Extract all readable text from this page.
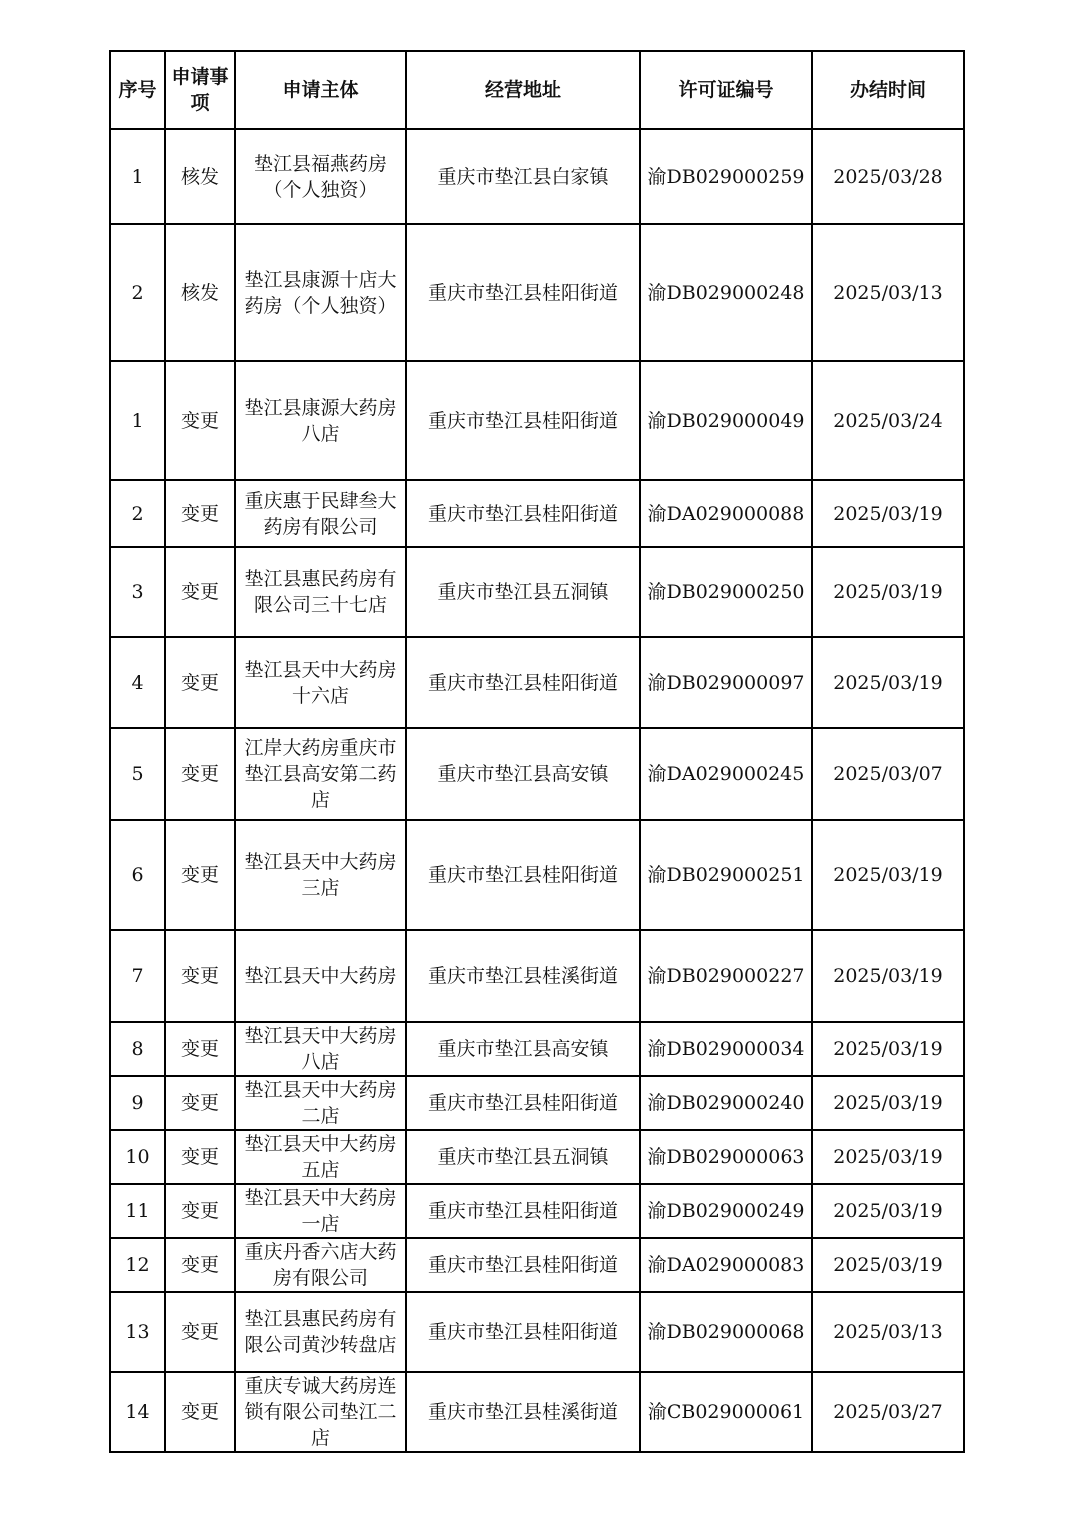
序号	申请事项	申请主体	经营地址	许可证编号	办结时间
1	核发	垫江县福燕药房（个人独资）	重庆市垫江县白家镇	渝DB029000259	2025/03/28
2	核发	垫江县康源十店大药房（个人独资）	重庆市垫江县桂阳街道	渝DB029000248	2025/03/13
1	变更	垫江县康源大药房八店	重庆市垫江县桂阳街道	渝DB029000049	2025/03/24
2	变更	重庆惠于民肆叁大药房有限公司	重庆市垫江县桂阳街道	渝DA029000088	2025/03/19
3	变更	垫江县惠民药房有限公司三十七店	重庆市垫江县五洞镇	渝DB029000250	2025/03/19
4	变更	垫江县天中大药房十六店	重庆市垫江县桂阳街道	渝DB029000097	2025/03/19
5	变更	江岸大药房重庆市垫江县高安第二药店	重庆市垫江县高安镇	渝DA029000245	2025/03/07
6	变更	垫江县天中大药房三店	重庆市垫江县桂阳街道	渝DB029000251	2025/03/19
7	变更	垫江县天中大药房	重庆市垫江县桂溪街道	渝DB029000227	2025/03/19
8	变更	垫江县天中大药房八店	重庆市垫江县高安镇	渝DB029000034	2025/03/19
9	变更	垫江县天中大药房二店	重庆市垫江县桂阳街道	渝DB029000240	2025/03/19
10	变更	垫江县天中大药房五店	重庆市垫江县五洞镇	渝DB029000063	2025/03/19
11	变更	垫江县天中大药房一店	重庆市垫江县桂阳街道	渝DB029000249	2025/03/19
12	变更	重庆丹香六店大药房有限公司	重庆市垫江县桂阳街道	渝DA029000083	2025/03/19
13	变更	垫江县惠民药房有限公司黄沙转盘店	重庆市垫江县桂阳街道	渝DB029000068	2025/03/13
14	变更	重庆专诚大药房连锁有限公司垫江二店	重庆市垫江县桂溪街道	渝CB029000061	2025/03/27
